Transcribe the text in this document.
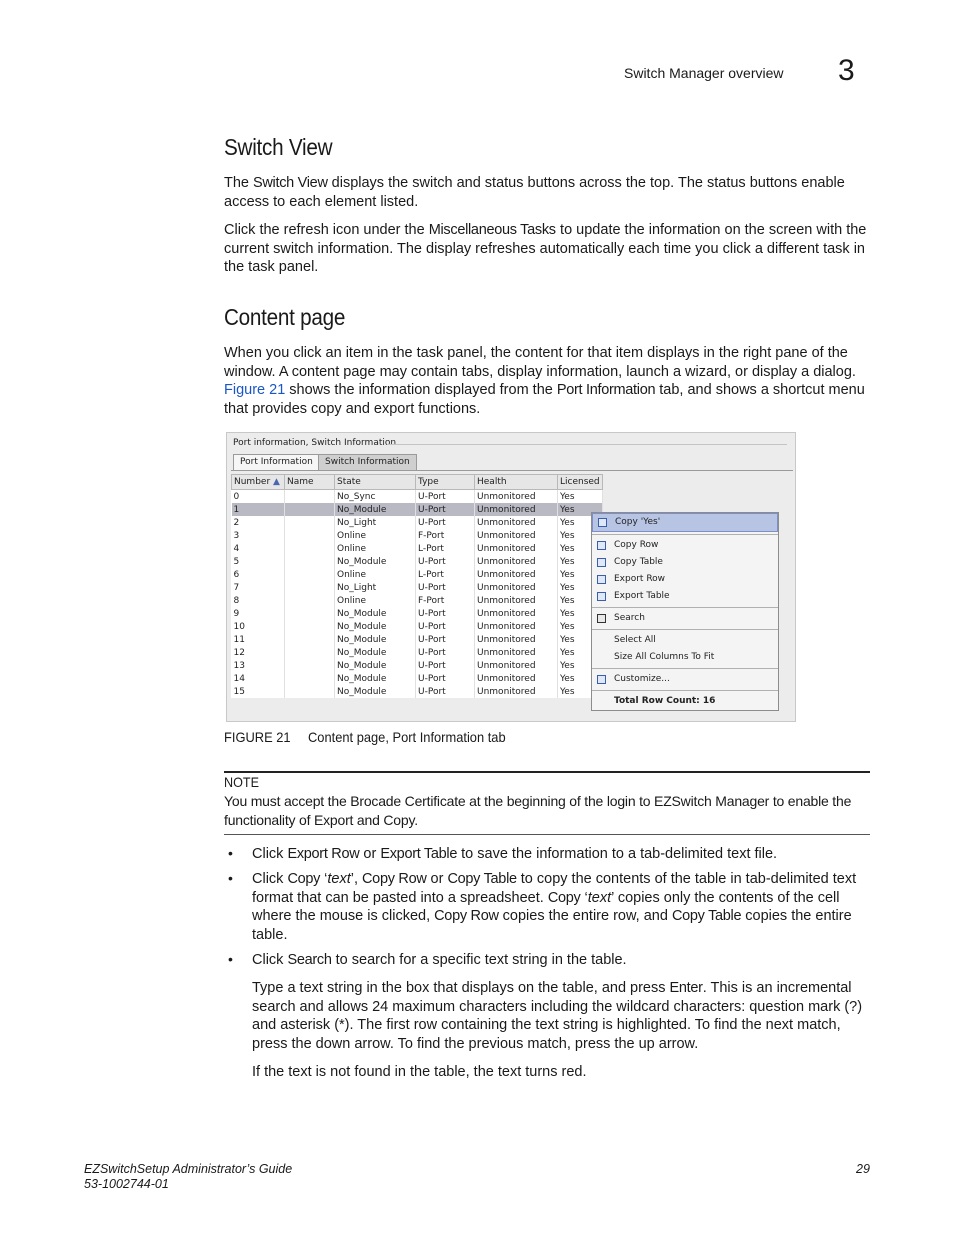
Switch Manager overview 3
Switch View

The Switch View displays the switch and status buttons across the top. The status buttons enable access to each element listed.

Click the refresh icon under the Miscellaneous Tasks to update the information on the screen with the current switch information. The display refreshes automatically each time you click a different task in the task panel.

Content page

When you click an item in the task panel, the content for that item displays in the right pane of the window. A content page may contain tabs, display information, launch a wizard, or display a dialog. Figure 21 shows the information displayed from the Port Information tab, and shows a shortcut menu that provides copy and export functions.

Port information, Switch Information
Port Information	Switch Information
Number ▲	Name	State	Type	Health	Licensed
0		No_Sync	U-Port	Unmonitored	Yes
1		No_Module	U-Port	Unmonitored	Yes
2		No_Light	U-Port	Unmonitored	Yes
3		Online	F-Port	Unmonitored	Yes
4		Online	L-Port	Unmonitored	Yes
5		No_Module	U-Port	Unmonitored	Yes
6		Online	L-Port	Unmonitored	Yes
7		No_Light	U-Port	Unmonitored	Yes
8		Online	F-Port	Unmonitored	Yes
9		No_Module	U-Port	Unmonitored	Yes
10		No_Module	U-Port	Unmonitored	Yes
11		No_Module	U-Port	Unmonitored	Yes
12		No_Module	U-Port	Unmonitored	Yes
13		No_Module	U-Port	Unmonitored	Yes
14		No_Module	U-Port	Unmonitored	Yes
15		No_Module	U-Port	Unmonitored	Yes
Copy 'Yes'
Copy Row
Copy Table
Export Row
Export Table
Search
Select All
Size All Columns To Fit
Customize...
Total Row Count: 16
FIGURE 21 Content page, Port Information tab
NOTE
You must accept the Brocade Certificate at the beginning of the login to EZSwitch Manager to enable the functionality of Export and Copy.
• Click Export Row or Export Table to save the information to a tab-delimited text file.

• Click Copy ‘text’, Copy Row or Copy Table to copy the contents of the table in tab-delimited text format that can be pasted into a spreadsheet. Copy ‘text’ copies only the contents of the cell where the mouse is clicked, Copy Row copies the entire row, and Copy Table copies the entire table.

• Click Search to search for a specific text string in the table.

Type a text string in the box that displays on the table, and press Enter. This is an incremental search and allows 24 maximum characters including the wildcard characters: question mark (?) and asterisk (*). The first row containing the text string is highlighted. To find the next match, press the down arrow. To find the previous match, press the up arrow.

If the text is not found in the table, the text turns red.

EZSwitchSetup Administrator’s Guide
53-1002744-01
29
